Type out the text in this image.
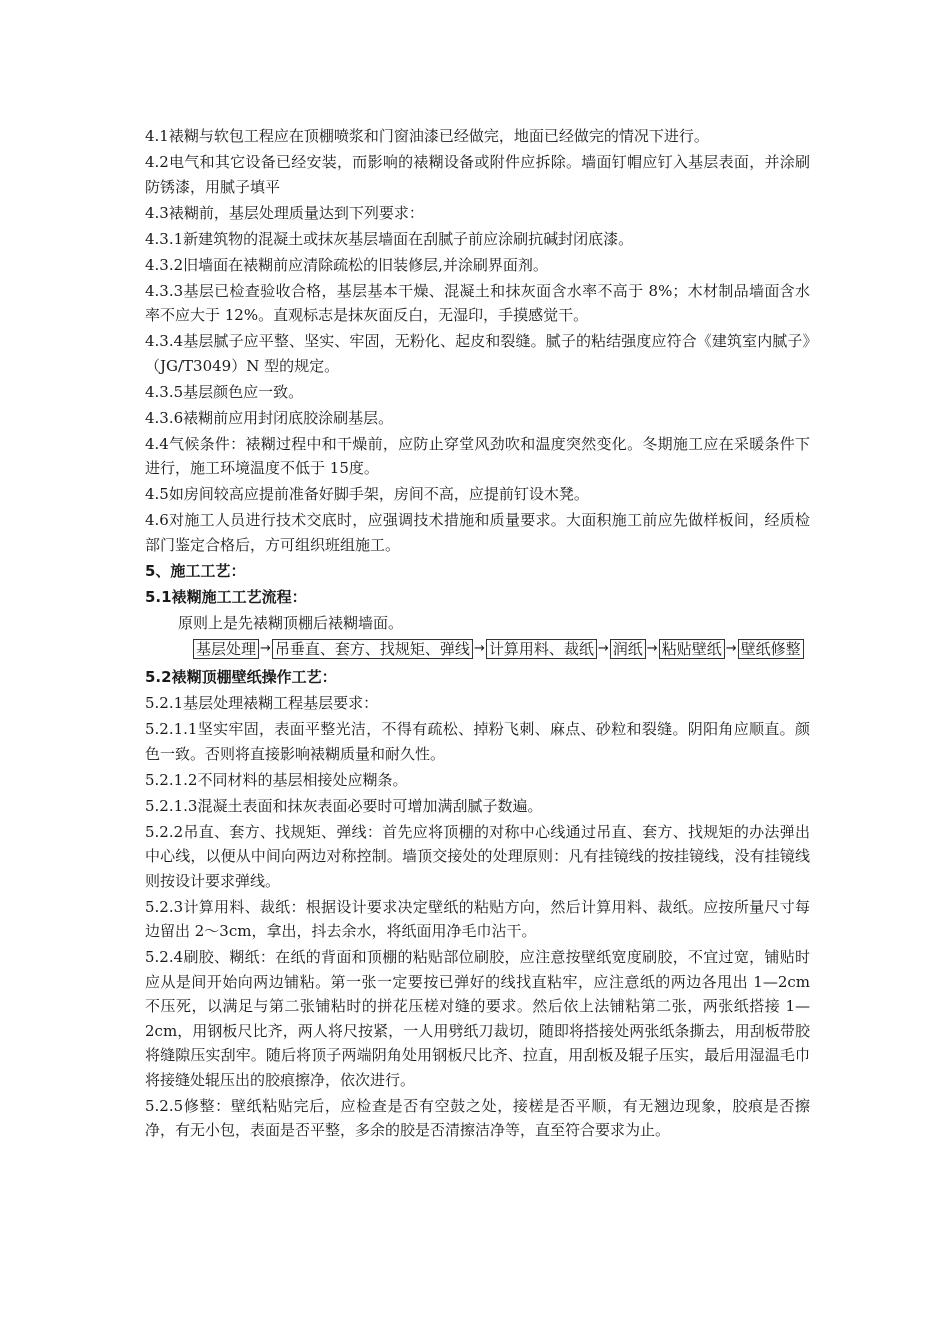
4.1裱糊与软包工程应在顶棚喷浆和门窗油漆已经做完，地面已经做完的情况下进行。

4.2电气和其它设备已经安装，而影响的裱糊设备或附件应拆除。墙面钉帽应钉入基层表面，并涂刷防锈漆，用腻子填平

4.3裱糊前，基层处理质量达到下列要求：

4.3.1新建筑物的混凝土或抹灰基层墙面在刮腻子前应涂刷抗碱封闭底漆。

4.3.2旧墙面在裱糊前应清除疏松的旧装修层,并涂刷界面剂。

4.3.3基层已检查验收合格，基层基本干燥、混凝土和抹灰面含水率不高于 8%；木材制品墙面含水率不应大于 12%。直观标志是抹灰面反白，无湿印，手摸感觉干。

4.3.4基层腻子应平整、坚实、牢固，无粉化、起皮和裂缝。腻子的粘结强度应符合《建筑室内腻子》（JG/T3049）N 型的规定。

4.3.5基层颜色应一致。

4.3.6裱糊前应用封闭底胶涂刷基层。

4.4气候条件：裱糊过程中和干燥前，应防止穿堂风劲吹和温度突然变化。冬期施工应在采暖条件下进行，施工环境温度不低于 15度。

4.5如房间较高应提前准备好脚手架，房间不高，应提前钉设木凳。

4.6对施工人员进行技术交底时，应强调技术措施和质量要求。大面积施工前应先做样板间，经质检部门鉴定合格后，方可组织班组施工。

5、施工工艺：

5.1裱糊施工工艺流程：

原则上是先裱糊顶棚后裱糊墙面。

基层处理 → 吊垂直、套方、找规矩、弹线 → 计算用料、裁纸 → 润纸 → 粘贴壁纸 → 壁纸修整

5.2裱糊顶棚壁纸操作工艺：

5.2.1基层处理裱糊工程基层要求：

5.2.1.1坚实牢固，表面平整光洁，不得有疏松、掉粉飞刺、麻点、砂粒和裂缝。阴阳角应顺直。颜色一致。否则将直接影响裱糊质量和耐久性。

5.2.1.2不同材料的基层相接处应糊条。

5.2.1.3混凝土表面和抹灰表面必要时可增加满刮腻子数遍。

5.2.2吊直、套方、找规矩、弹线：首先应将顶棚的对称中心线通过吊直、套方、找规矩的办法弹出中心线，以便从中间向两边对称控制。墙顶交接处的处理原则：凡有挂镜线的按挂镜线，没有挂镜线则按设计要求弹线。

5.2.3计算用料、裁纸：根据设计要求决定壁纸的粘贴方向，然后计算用料、裁纸。应按所量尺寸每边留出 2～3cm，拿出，抖去余水，将纸面用净毛巾沾干。

5.2.4刷胶、糊纸：在纸的背面和顶棚的粘贴部位刷胶，应注意按壁纸宽度刷胶，不宜过宽，铺贴时应从是间开始向两边铺粘。第一张一定要按已弹好的线找直粘牢，应注意纸的两边各甩出 1—2cm 不压死，以满足与第二张铺粘时的拼花压槎对缝的要求。然后依上法铺粘第二张，两张纸搭接 1—2cm，用钢板尺比齐，两人将尺按紧，一人用劈纸刀裁切，随即将搭接处两张纸条撕去，用刮板带胶将缝隙压实刮牢。随后将顶子两端阴角处用钢板尺比齐、拉直，用刮板及辊子压实，最后用湿温毛巾将接缝处辊压出的胶痕擦净，依次进行。

5.2.5修整：壁纸粘贴完后，应检查是否有空鼓之处，接槎是否平顺，有无翘边现象，胶痕是否擦净，有无小包，表面是否平整，多余的胶是否清擦洁净等，直至符合要求为止。
